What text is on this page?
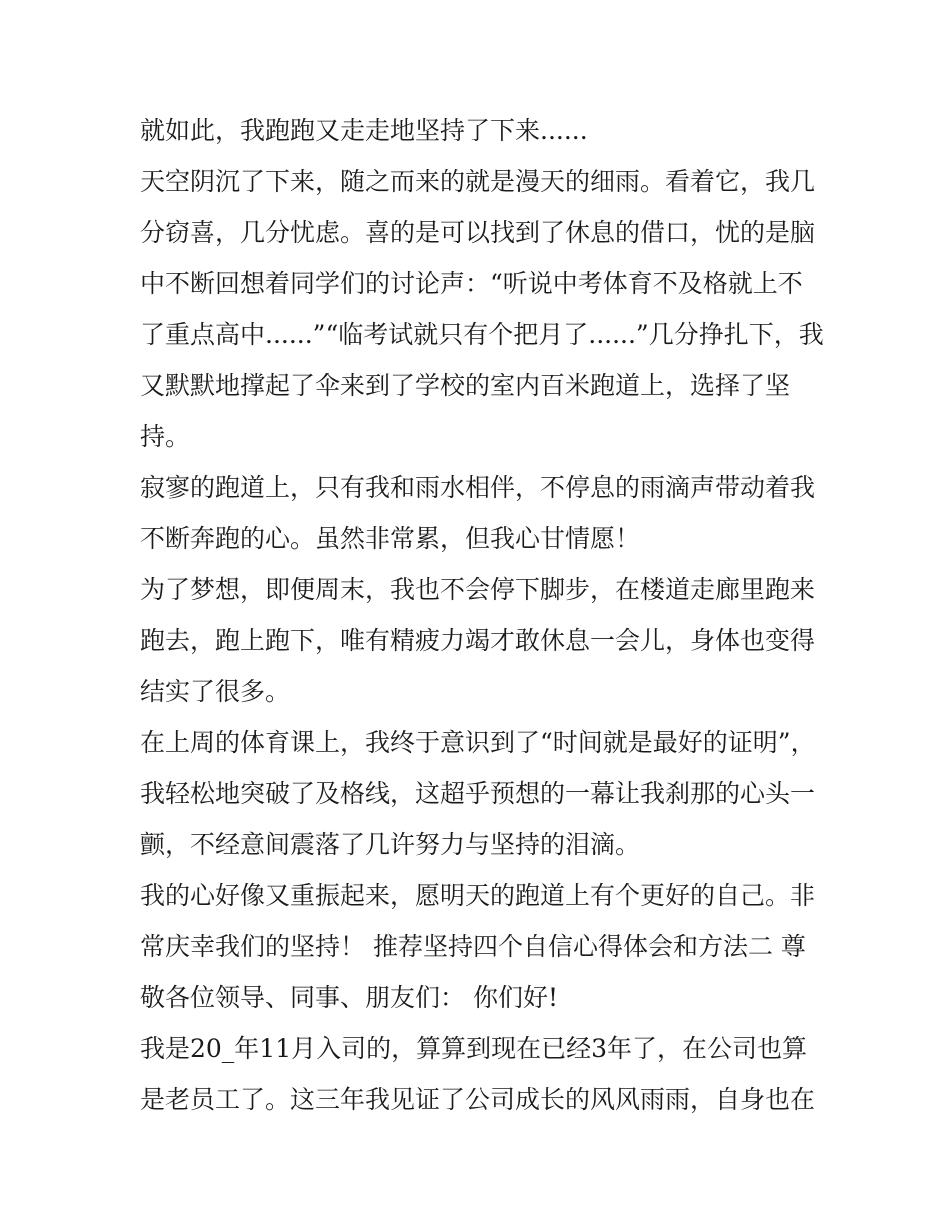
就如此，我跑跑又走走地坚持了下来......
天空阴沉了下来，随之而来的就是漫天的细雨。看着它，我几
分窃喜，几分忧虑。喜的是可以找到了休息的借口，忧的是脑
中不断回想着同学们的讨论声：“听说中考体育不及格就上不
了重点高中......”“临考试就只有个把月了......”几分挣扎下，我
又默默地撑起了伞来到了学校的室内百米跑道上，选择了坚
持。
寂寥的跑道上，只有我和雨水相伴，不停息的雨滴声带动着我
不断奔跑的心。虽然非常累，但我心甘情愿！
为了梦想，即便周末，我也不会停下脚步，在楼道走廊里跑来
跑去，跑上跑下，唯有精疲力竭才敢休息一会儿，身体也变得
结实了很多。
在上周的体育课上，我终于意识到了“时间就是最好的证明”，
我轻松地突破了及格线，这超乎预想的一幕让我刹那的心头一
颤，不经意间震落了几许努力与坚持的泪滴。
我的心好像又重振起来，愿明天的跑道上有个更好的自己。非
常庆幸我们的坚持！ 推荐坚持四个自信心得体会和方法二 尊
敬各位领导、同事、朋友们： 你们好!
我是20_年11月入司的，算算到现在已经3年了，在公司也算
是老员工了。这三年我见证了公司成长的风风雨雨，自身也在
